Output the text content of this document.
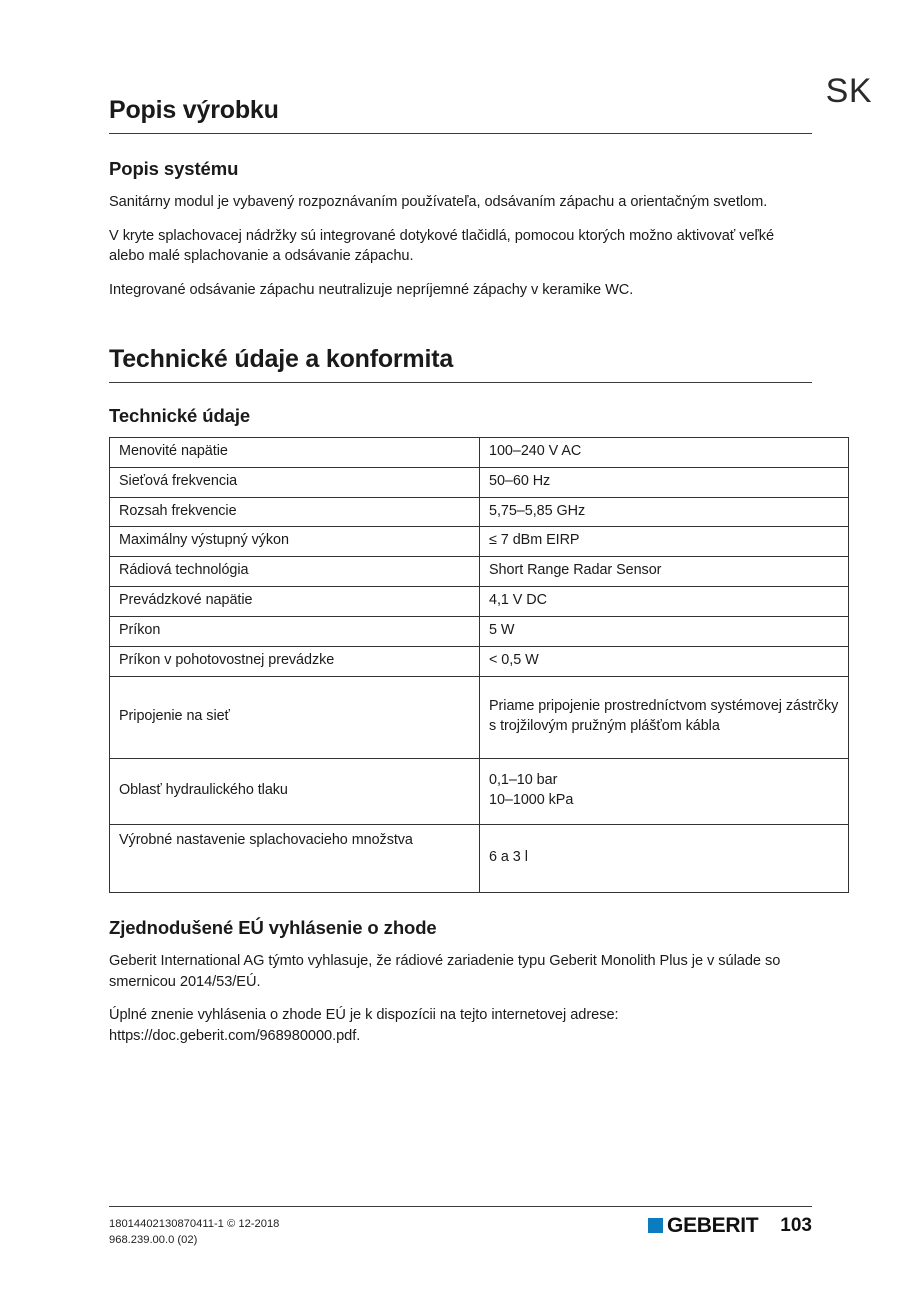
SK
Popis výrobku
Popis systému

Sanitárny modul je vybavený rozpoznávaním používateľa, odsávaním zápachu a orientačným svetlom.

V kryte splachovacej nádržky sú integrované dotykové tlačidlá, pomocou ktorých možno aktivovať veľké alebo malé splachovanie a odsávanie zápachu.

Integrované odsávanie zápachu neutralizuje nepríjemné zápachy v keramike WC.

Technické údaje a konformita
Technické údaje
Menovité napätie	100–240 V AC
Sieťová frekvencia	50–60 Hz
Rozsah frekvencie	5,75–5,85 GHz
Maximálny výstupný výkon	≤ 7 dBm EIRP
Rádiová technológia	Short Range Radar Sensor
Prevádzkové napätie	4,1 V DC
Príkon	5 W
Príkon v pohotovostnej prevádzke	< 0,5 W
Pripojenie na sieť	Priame pripojenie prostredníctvom systémovej zástrčky s trojžilovým pružným plášťom kábla
Oblasť hydraulického tlaku	0,1–10 bar
10–1000 kPa

Výrobné nastavenie splachovacieho množstva	6 a 3 l
Zjednodušené EÚ vyhlásenie o zhode

Geberit International AG týmto vyhlasuje, že rádiové zariadenie typu Geberit Monolith Plus je v súlade so smernicou 2014/53/EÚ.

Úplné znenie vyhlásenia o zhode EÚ je k dispozícii na tejto internetovej adrese: https://doc.geberit.com/968980000.pdf.

18014402130870411-1 © 12-2018
968.239.00.0 (02)
GEBERIT 103
